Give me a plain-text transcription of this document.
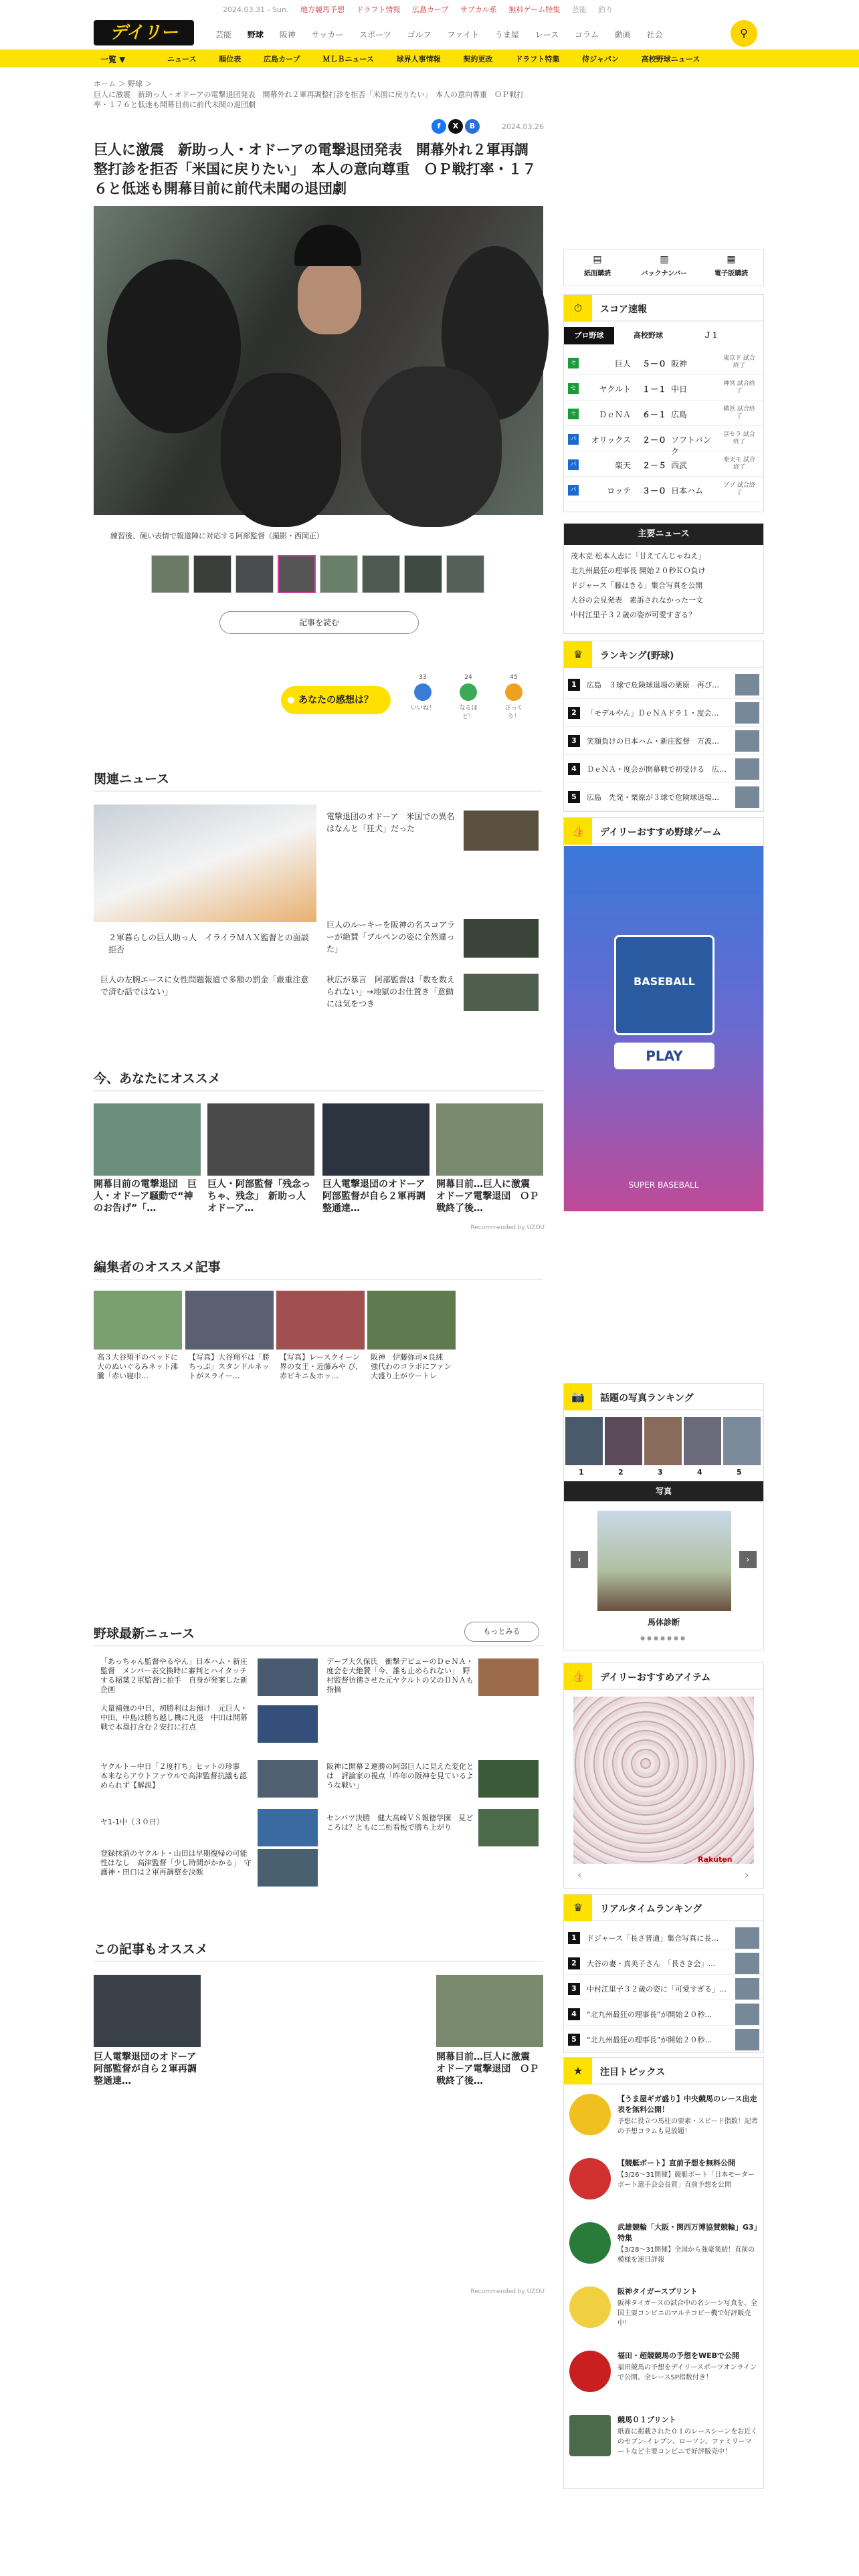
2024.03.31 - Sun. 地方競馬予想 ドラフト情報 広島カープ サブカル系 無料ゲーム特集 芸能 釣り
デイリー	芸能 野球 阪神 サッカー スポーツ ゴルフ ファイト うま屋 レース コラム 動画 社会	⚲
一覧 ▼	ニュース	順位表	広島カープ	ＭＬＢニュース	球界人事情報	契約更改	ドラフト特集	侍ジャパン	高校野球ニュース
ホーム ＞ 野球 ＞
巨人に激震　新助っ人・オドーアの電撃退団発表　開幕外れ２軍再調整打診を拒否「米国に戻りたい」　本人の意向尊重　ＯＰ戦打率・１７６と低迷も開幕目前に前代未聞の退団劇
f X B	2024.03.26
巨人に激震　新助っ人・オドーアの電撃退団発表　開幕外れ２軍再調整打診を拒否「米国に戻りたい」　本人の意向尊重　ＯＰ戦打率・１７６と低迷も開幕目前に前代未聞の退団劇
練習後、硬い表情で報道陣に対応する阿部監督（撮影・西岡正）
記事を読む
あなたの感想は？
33
いいね！
24
なるほど！
45
びっくり！
関連ニュース
２軍暮らしの巨人助っ人　イライラＭＡＸ監督との面談拒否
電撃退団のオドーア　米国での異名はなんと「狂犬」だった
巨人のルーキーを阪神の名スコアラーが絶賛「ブルペンの姿に全然違った」
巨人の左腕エースに女性問題報道で多額の罰金「厳重注意で済む話ではない」
秋広が暴言　阿部監督は「数を数えられない」→地獄のお仕置き「意動には気をつき
今、あなたにオススメ
開幕目前の電撃退団　巨人・オドーア騒動で“神のお告げ”「…
巨人・阿部監督「残念っちゃ、残念」　新助っ人オドーア…
巨人電撃退団のオドーア　阿部監督が自ら２軍再調整通達…
開幕目前…巨人に激震　オドーア電撃退団　ＯＰ戦終了後…
Recommended by UZOU
編集者のオススメ記事
高３大谷翔平のベッドに大のぬいぐるみネット沸騰「赤い寝巾…
【写真】大谷翔平は「勝ちっぷ」スタンドルネットがスライー…
【写真】レースクイーン界の女王・近藤みや び、赤ビキニ＆ホッ…
阪神　伊藤弥司×良純　強代わのコラボにファン大盛り上がウートレ
野球最新ニュース	もっとみる
「あっちゃん監督やるやん」日本ハム・新庄監督　メンバー表交換時に審判とハイタッチする稲葉２軍監督に拍手　自身が発案した新企画
大量補強の中日、初勝利はお預け　元巨人・中田、中島は勝ち越し機に凡退　中田は開幕戦で本塁打含む２安打に打点
ヤクルト－中日「２度打ち」ヒットの珍事　本来ならアウトファウルで高津監督抗議も認められず【解説】
ヤ1-1中（３０日）
登録抹消のヤクルト・山田は早期復帰の可能性はなし　高津監督「少し時間がかかる」　守護神・田口は２軍再調整を決断
デーブ大久保氏　衝撃デビューのＤｅＮＡ・度会を大絶賛「今、誰も止められない」　野村監督彷彿させた元ヤクルトの父のＤＮＡも指摘
阪神に開幕２連勝の阿部巨人に見えた変化とは　評論家の視点「昨年の阪神を見ているような戦い」
センバツ決勝　健大高崎ＶＳ報徳学園　見どころは？ともに二桁看板で勝ち上がり
この記事もオススメ
巨人電撃退団のオドーア　阿部監督が自ら２軍再調整通達…
開幕目前…巨人に激震　オドーア電撃退団　ＯＰ戦終了後…
Recommended by UZOU
紙面購読	バックナンバー	電子版購読
▤	▥	▦
⏱	スコア速報
プロ野球	高校野球	Ｊ１
セ	巨人	５－０ 阪神
東京ド 試合終了
セ	ヤクルト	１－１ 中日
神宮 試合終了
セ	ＤｅＮＡ	６－１ 広島
横浜 試合終了
パ オリックス	２－０ ソフトバンク
京セラ 試合終了
パ	楽天	２－５ 西武
楽天モ 試合終了
パ	ロッテ	３－０ 日本ハム
ゾゾ 試合終了
主要ニュース
茂木克 松本人志に「甘えてんじゃねえ」
北九州最狂の理事長 開始２０秒ＫＯ負け
ドジャース「藤はきる」集合写真を公開
大谷の会見発表　素訴されなかった一文
中村江里子３２歳の姿が可愛すぎる？
♛	ランキング(野球)
1	広島　３球で危険球退場の栗原　再び…
2	「モデルやん」ＤｅＮＡドラ１・度会…
3	笑顔負けの日本ハム・新庄監督　万波…
4	ＤｅＮＡ・度会が開幕戦で初受ける　広…
5	広島　先発・栗原が３球で危険球退場…
👍	デイリーおすすめ野球ゲーム
BASEBALL
PLAY
SUPER BASEBALL
📷	話題の写真ランキング
1	2	3	4	5
写真
‹	›
馬体診断
●●●●●●●
👍	デイリーおすすめアイテム
Rakuten
‹	›
♛	リアルタイムランキング
1	ドジャース「長さ普通」集合写真に長…
2	大谷の妻・真美子さん　「長さき会」…
3	中村江里子３２歳の姿に「可愛すぎる」…
4	“北九州最狂の理事長”が開始２０秒…
5	“北九州最狂の理事長”が開始２０秒…
★	注目トピックス
【うま屋ギガ盛り】中央競馬のレース出走表を無料公開！
予想に役立つ馬柱の要素・スピード指数！記者の予想コラムも見放題！
【競艇ボート】直前予想を無料公開
【3/26〜31開催】競艇ボート「日本モーターボート選手会会長賞」直前予想を公開
武雄競輪「大阪・関西万博協賛競輪」G3」特集
【3/28〜31開催】全国から強豪集結！直前の模様を速日詳報
阪神タイガースプリント
阪神タイガースの試合中の名シーン写真を、全国主要コンビニのマルチコピー機で好評販売中！
福田・超競競馬の予想をWEBで公開
福田競馬の予想をデイリースポーツオンラインで公開。全レースSP指数付き！
競馬０１プリント
紙面に掲載された０１のレースシーンをお近くのセブン-イレブン、ローソン、ファミリーマートなど主要コンビニで好評販売中！
